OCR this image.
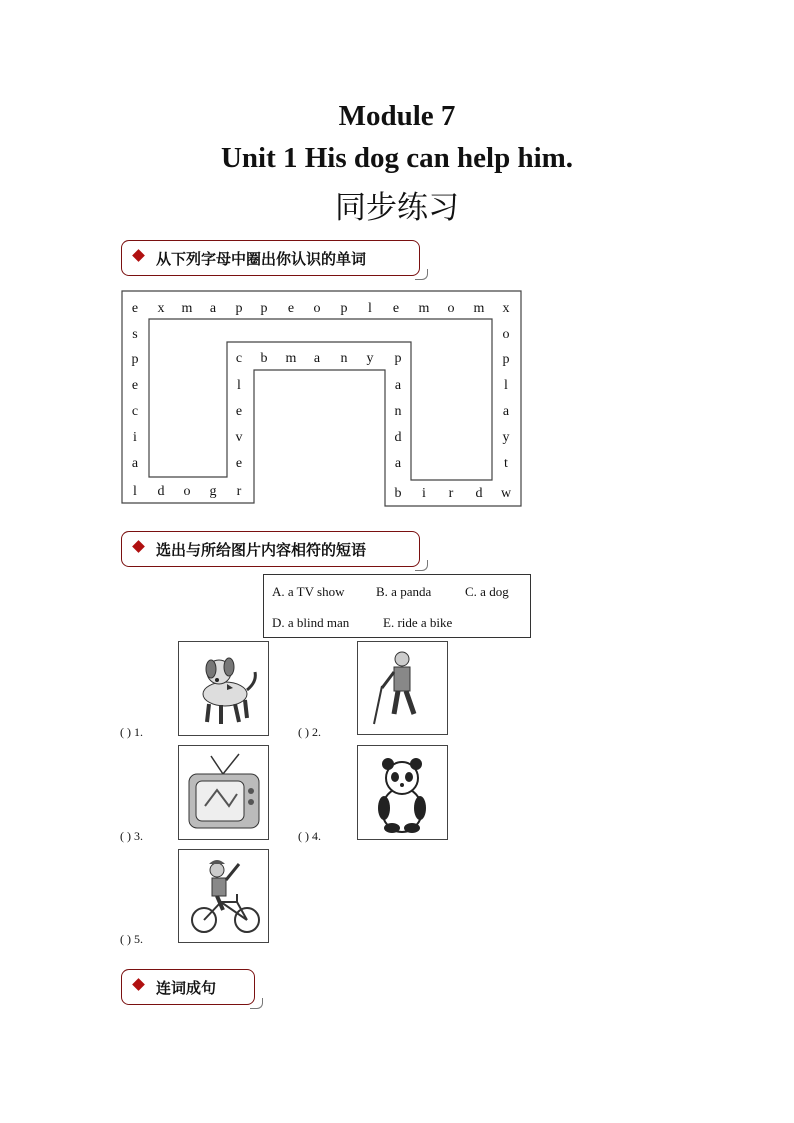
Module 7
Unit 1 His dog can help him.
同步练习
从下列字母中圈出你认识的单词
e x m a p p e o p l e m o m x
s
p
e
c
i
a
l d o g r
c b m a n y p
l
e
v
e
a
n
d
a
b i r d w
o
p
l
a
y
t
选出与所给图片内容相符的短语
A. a TV show B. a panda	C. a dog
D. a blind man	E. ride a bike
( ) 1.	( ) 2.
( ) 3.	( ) 4.
( ) 5.
连词成句
